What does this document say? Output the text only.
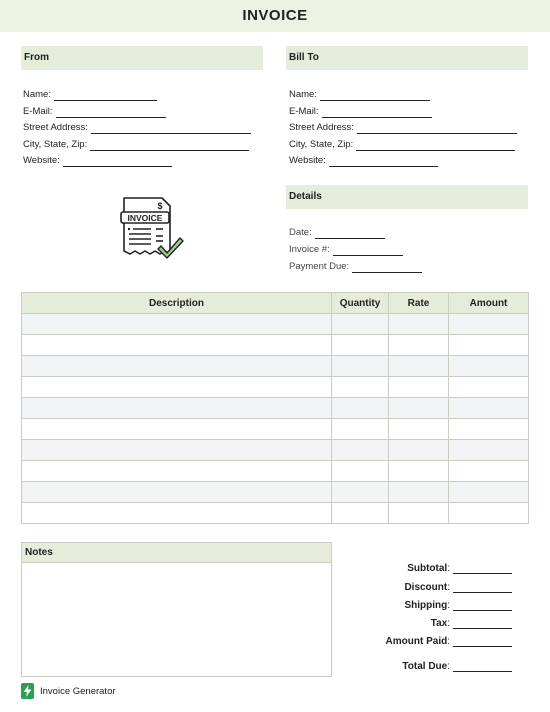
INVOICE
From
Name:
E-Mail:
Street Address:
City, State, Zip:
Website:
Bill To
Name:
E-Mail:
Street Address:
City, State, Zip:
Website:
$
INVOICE
Details
Date:
Invoice #:
Payment Due:
Description	Quantity	Rate	Amount

Notes
Subtotal :
Discount :
Shipping :
Tax :
Amount Paid :
Total Due :
Invoice Generator
